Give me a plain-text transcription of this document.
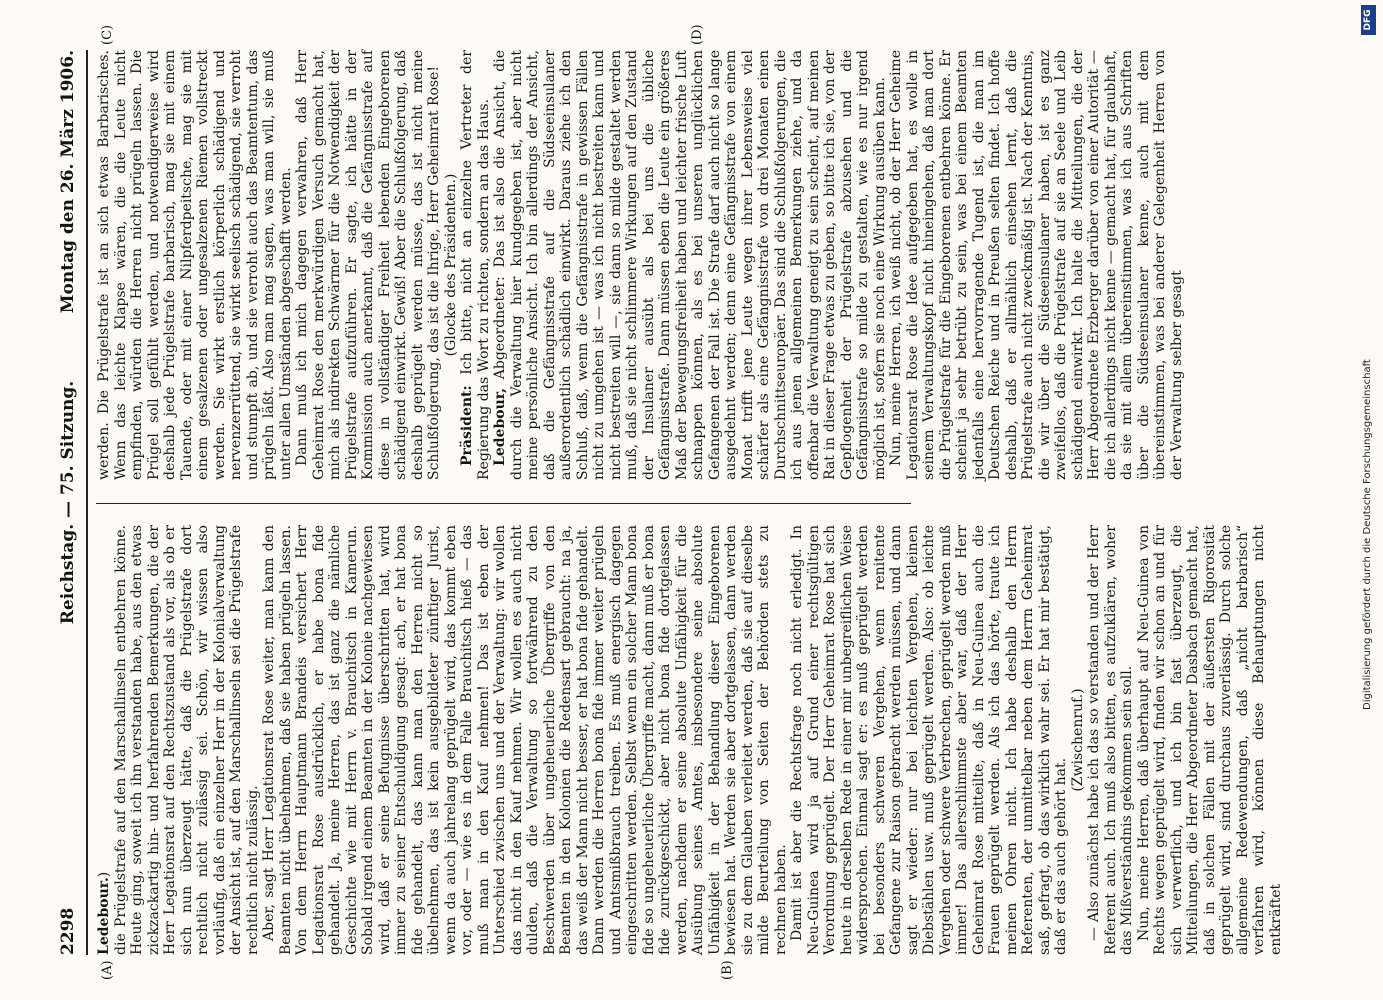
2298
Reichstag. — 75. Sitzung.
Montag den 26. März 1906.
(A)	(B)
(C)	(D)

Ledebour.) die Prügelstrafe auf den Marschallinseln entbehren könne. Heute ging, soweit ich ihn verstanden habe, aus den etwas zickzackartig hin- und herfahrenden Bemerkungen, die der Herr Legationsrat auf den Rechtszustand als vor, als ob er sich nun überzeugt hätte, daß die Prügelstrafe dort rechtlich nicht zulässig sei. Schön, wir wissen also vorläufig, daß ein einzelner Herr in der Kolonialverwaltung der Ansicht ist, auf den Marschallinseln sei die Prügelstrafe rechtlich nicht zulässig. Aber, sagt Herr Legationsrat Rose weiter, man kann den Beamten nicht übelnehmen, daß sie haben prügeln lassen. Von dem Herrn Hauptmann Brandeis versichert Herr Legationsrat Rose ausdrücklich, er habe bona fide gehandelt. Ja, meine Herren, das ist ganz die nämliche Geschichte wie mit Herrn v. Brauchitsch in Kamerun. Sobald irgend einem Beamten in der Kolonie nachgewiesen wird, daß er seine Befugnisse überschritten hat, wird immer zu seiner Entschuldigung gesagt: ach, er hat bona fide gehandelt, das kann man den Herren nicht so übelnehmen, das ist kein ausgebildeter zünftiger Jurist, wenn da auch jahrelang geprügelt wird, das kommt eben vor, oder — wie es in dem Falle Brauchitsch hieß — das muß man in den Kauf nehmen! Das ist eben der Unterschied zwischen uns und der Verwaltung: wir wollen das nicht in den Kauf nehmen. Wir wollen es auch nicht dulden, daß die Verwaltung so fortwährend zu den Beschwerden über ungeheuerliche Übergriffe von den Beamten in den Kolonien die Redensart gebraucht: na ja, das weiß der Mann nicht besser, er hat bona fide gehandelt. Dann werden die Herren bona fide immer weiter prügeln und Amtsmißbrauch treiben. Es muß energisch dagegen eingeschritten werden. Selbst wenn ein solcher Mann bona fide so ungeheuerliche Übergriffe macht, dann muß er bona fide zurückgeschickt, aber nicht bona fide dortgelassen werden, nachdem er seine absolute Unfähigkeit für die Ausübung seines Amtes, insbesondere seine absolute Unfähigkeit in der Behandlung dieser Eingeborenen bewiesen hat. Werden sie aber dortgelassen, dann werden sie zu dem Glauben verleitet werden, daß sie auf dieselbe milde Beurteilung von Seiten der Behörden stets zu rechnen haben. Damit ist aber die Rechtsfrage noch nicht erledigt. In Neu-Guinea wird ja auf Grund einer rechtsgültigen Verordnung geprügelt. Der Herr Geheimrat Rose hat sich heute in derselben Rede in einer mir unbegreiflichen Weise widersprochen. Einmal sagt er: es muß geprügelt werden bei besonders schweren Vergehen, wenn renitente Gefangene zur Raison gebracht werden müssen, und dann sagt er wieder: nur bei leichten Vergehen, kleinen Diebstählen usw. muß geprügelt werden. Also: ob leichte Vergehen oder schwere Verbrechen, geprügelt werden muß immer! Das allerschlimmste aber war, daß der Herr Geheimrat Rose mitteilte, daß in Neu-Guinea auch die Frauen geprügelt werden. Als ich das hörte, traute ich meinen Ohren nicht. Ich habe deshalb den Herrn Referenten, der unmittelbar neben dem Herrn Geheimrat saß, gefragt, ob das wirklich wahr sei. Er hat mir bestätigt, daß er das auch gehört hat.

(Zwischenruf.) — Also zunächst habe ich das so verstanden und der Herr Referent auch. Ich muß also bitten, es aufzuklären, woher das Mißverständnis gekommen sein soll. Nun, meine Herren, daß überhaupt auf Neu-Guinea von Rechts wegen geprügelt wird, finden wir schon an und für sich verwerflich, und ich bin fast überzeugt, die Mitteilungen, die Herr Abgeordneter Dasbach gemacht hat, daß in solchen Fällen mit der äußersten Rigorosität geprügelt wird, sind durchaus zuverlässig. Durch solche allgemeine Redewendungen, daß „nicht barbarisch“ verfahren wird, können diese Behauptungen nicht entkräftet

werden. Die Prügelstrafe ist an sich etwas Barbarisches. Wenn das leichte Klapse wären, die die Leute nicht empfinden, würden die Herren nicht prügeln lassen. Die Prügel soll gefühlt werden, und notwendigerweise wird deshalb jede Prügelstrafe barbarisch, mag sie mit einem Tauende, oder mit einer Nilpferdpeitsche, mag sie mit einem gesalzenen oder ungesalzenen Riemen vollstreckt werden. Sie wirkt erstlich körperlich schädigend und nervenzerrüttend, sie wirkt seelisch schädigend, sie verroht und stumpft ab, und sie verroht auch das Beamtentum, das prügeln läßt. Also man mag sagen, was man will, sie muß unter allen Umständen abgeschafft werden. Dann muß ich mich dagegen verwahren, daß Herr Geheimrat Rose den merkwürdigen Versuch gemacht hat, mich als indirekten Schwärmer für die Notwendigkeit der Prügelstrafe aufzuführen. Er sagte, ich hätte in der Kommission auch anerkannt, daß die Gefängnisstrafe auf diese in vollständiger Freiheit lebenden Eingeborenen schädigend einwirkt. Gewiß! Aber die Schlußfolgerung, daß deshalb geprügelt werden müsse, das ist nicht meine Schlußfolgerung, das ist die Ihrige, Herr Geheimrat Rose! (Glocke des Präsidenten.)

Präsident: Ich bitte, nicht an einzelne Vertreter der Regierung das Wort zu richten, sondern an das Haus. Ledebour, Abgeordneter: Das ist also die Ansicht, die durch die Verwaltung hier kundgegeben ist, aber nicht meine persönliche Ansicht. Ich bin allerdings der Ansicht, daß die Gefängnisstrafe auf die Südseeinsulaner außerordentlich schädlich einwirkt. Daraus ziehe ich den Schluß, daß, wenn die Gefängnisstrafe in gewissen Fällen nicht zu umgehen ist — was ich nicht bestreiten kann und nicht bestreiten will —, sie dann so milde gestaltet werden muß, daß sie nicht schlimmere Wirkungen auf den Zustand der Insulaner ausübt als bei uns die übliche Gefängnisstrafe. Dann müssen eben die Leute ein größeres Maß der Bewegungsfreiheit haben und leichter frische Luft schnappen können, als es bei unseren unglücklichen Gefangenen der Fall ist. Die Strafe darf auch nicht so lange ausgedehnt werden; denn eine Gefängnisstrafe von einem Monat trifft jene Leute wegen ihrer Lebensweise viel schärfer als eine Gefängnisstrafe von drei Monaten einen Durchschnittseuropäer. Das sind die Schlußfolgerungen, die ich aus jenen allgemeinen Bemerkungen ziehe, und da offenbar die Verwaltung geneigt zu sein scheint, auf meinen Rat in dieser Frage etwas zu geben, so bitte ich sie, von der Gepflogenheit der Prügelstrafe abzusehen und die Gefängnisstrafe so milde zu gestalten, wie es nur irgend möglich ist, sofern sie noch eine Wirkung ausüben kann. Nun, meine Herren, ich weiß nicht, ob der Herr Geheime Legationsrat Rose die Idee aufgegeben hat, es wolle in seinem Verwaltungskopf nicht hineingehen, daß man dort die Prügelstrafe für die Eingeborenen entbehren könne. Er scheint ja sehr betrübt zu sein, was bei einem Beamten jedenfalls eine hervorragende Tugend ist, die man im Deutschen Reiche und in Preußen selten findet. Ich hoffe deshalb, daß er allmählich einsehen lernt, daß die Prügelstrafe auch nicht zweckmäßig ist. Nach der Kenntnis, die wir über die Südseeinsulaner haben, ist es ganz zweifellos, daß die Prügelstrafe auf sie an Seele und Leib schädigend einwirkt. Ich halte die Mitteilungen, die der Herr Abgeordnete Erzberger darüber von einer Autorität — die ich allerdings nicht kenne — gemacht hat, für glaubhaft, da sie mit allem übereinstimmen, was ich aus Schriften über die Südseeinsulaner kenne, auch mit dem übereinstimmen, was bei anderer Gelegenheit Herren von der Verwaltung selber gesagt	Digitalisierung gefördert durch die Deutsche Forschungsgemeinschaft
DFG
